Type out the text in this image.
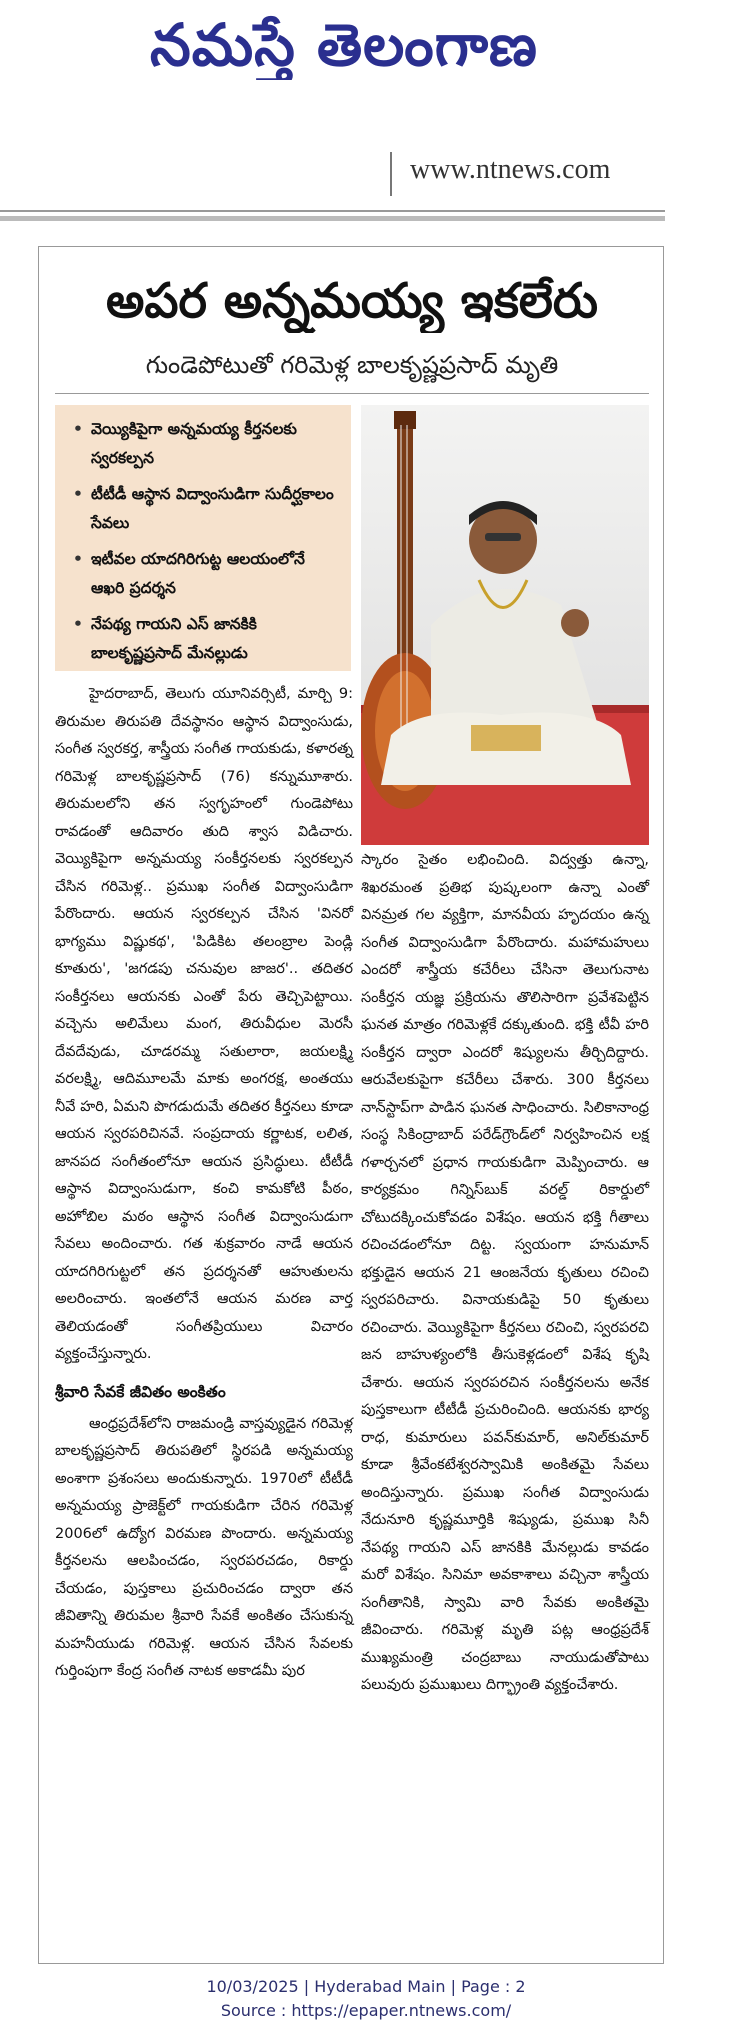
నమస్తే తెలంగాణ
www.ntnews.com
అపర అన్నమయ్య ఇకలేరు
గుండెపోటుతో గరిమెళ్ల బాలకృష్ణప్రసాద్ మృతి
• వెయ్యికిపైగా అన్నమయ్య కీర్తనలకు స్వరకల్పన
• టీటీడీ ఆస్థాన విద్వాంసుడిగా సుదీర్ఘకాలం సేవలు
• ఇటీవల యాదగిరిగుట్ట ఆలయంలోనే ఆఖరి ప్రదర్శన
• నేపథ్య గాయని ఎస్ జానకికి బాలకృష్ణప్రసాద్ మేనల్లుడు

హైదరాబాద్, తెలుగు యూనివర్సిటీ, మార్చి 9: తిరుమల తిరుపతి దేవస్థానం ఆస్థాన విద్వాంసుడు, సంగీత స్వరకర్త, శాస్త్రీయ సంగీత గాయకుడు, కళారత్న గరిమెళ్ల బాలకృష్ణప్రసాద్ (76) కన్నుమూశారు. తిరుమలలోని తన స్వగృహంలో గుండెపోటు రావడంతో ఆదివారం తుది శ్వాస విడిచారు. వెయ్యికిపైగా అన్నమయ్య సంకీర్తనలకు స్వరకల్పన చేసిన గరిమెళ్ల.. ప్రముఖ సంగీత విద్వాంసుడిగా పేరొందారు. ఆయన స్వరకల్పన చేసిన 'వినరో భాగ్యము విష్ణుకథ', 'పిడికిట తలంబ్రాల పెండ్లి కూతురు', 'జగడపు చనువుల జాజర'.. తదితర సంకీర్తనలు ఆయనకు ఎంతో పేరు తెచ్చిపెట్టాయి. వచ్చెను అలిమేలు మంగ, తిరువీధుల మెరసీ దేవదేవుడు, చూడరమ్మ సతులారా, జయలక్ష్మి వరలక్ష్మి, ఆదిమూలమే మాకు అంగరక్ష, అంతయు నీవే హరి, ఏమని పొగడుదుమే తదితర కీర్తనలు కూడా ఆయన స్వరపరిచినవే. సంప్రదాయ కర్ణాటక, లలిత, జానపద సంగీతంలోనూ ఆయన ప్రసిద్ధులు. టీటీడీ ఆస్థాన విద్వాంసుడుగా, కంచి కామకోటి పీఠం, అహోబిల మఠం ఆస్థాన సంగీత విద్వాంసుడుగా సేవలు అందించారు. గత శుక్రవారం నాడే ఆయన యాదగిరిగుట్టలో తన ప్రదర్శనతో ఆహుతులను అలరించారు. ఇంతలోనే ఆయన మరణ వార్త తెలియడంతో సంగీతప్రియులు విచారం వ్యక్తంచేస్తున్నారు.

శ్రీవారి సేవకే జీవితం అంకితం

ఆంధ్రప్రదేశ్‌లోని రాజమండ్రి వాస్తవ్యుడైన గరిమెళ్ల బాలకృష్ణప్రసాద్ తిరుపతిలో స్థిరపడి అన్నమయ్య అంశాగా ప్రశంసలు అందుకున్నారు. 1970లో టీటీడీ అన్నమయ్య ప్రాజెక్ట్‌లో గాయకుడిగా చేరిన గరిమెళ్ల 2006లో ఉద్యోగ విరమణ పొందారు. అన్నమయ్య కీర్తనలను ఆలపించడం, స్వరపరచడం, రికార్డు చేయడం, పుస్తకాలు ప్రచురించడం ద్వారా తన జీవితాన్ని తిరుమల శ్రీవారి సేవకే అంకితం చేసుకున్న మహనీయుడు గరిమెళ్ల. ఆయన చేసిన సేవలకు గుర్తింపుగా కేంద్ర సంగీత నాటక అకాడమీ పుర

స్కారం సైతం లభించింది. విద్వత్తు ఉన్నా, శిఖరమంత ప్రతిభ పుష్కలంగా ఉన్నా ఎంతో వినమ్రత గల వ్యక్తిగా, మానవీయ హృదయం ఉన్న సంగీత విద్వాంసుడిగా పేరొందారు. మహామహులు ఎందరో శాస్త్రీయ కచేరీలు చేసినా తెలుగునాట సంకీర్తన యజ్ఞ ప్రక్రియను తొలిసారిగా ప్రవేశపెట్టిన ఘనత మాత్రం గరిమెళ్లకే దక్కుతుంది. భక్తి టీవీ హరి సంకీర్తన ద్వారా ఎందరో శిష్యులను తీర్చిదిద్దారు. ఆరువేలకుపైగా కచేరీలు చేశారు. 300 కీర్తనలు నాన్‌స్టాప్‌గా పాడిన ఘనత సాధించారు. సిలికానాంధ్ర సంస్థ సికింద్రాబాద్ పరేడ్‌గ్రౌండ్‌లో నిర్వహించిన లక్ష గళార్చనలో ప్రధాన గాయకుడిగా మెప్పించారు. ఆ కార్యక్రమం గిన్నిస్‌బుక్ వరల్డ్‌ రికార్డులో చోటుదక్కించుకోవడం విశేషం. ఆయన భక్తి గీతాలు రచించడంలోనూ దిట్ట. స్వయంగా హనుమాన్ భక్తుడైన ఆయన 21 ఆంజనేయ కృతులు రచించి స్వరపరిచారు. వినాయకుడిపై 50 కృతులు రచించారు. వెయ్యికిపైగా కీర్తనలు రచించి, స్వరపరచి జన బాహుళ్యంలోకి తీసుకెళ్లడంలో విశేష కృషి చేశారు. ఆయన స్వరపరచిన సంకీర్తనలను అనేక పుస్తకాలుగా టీటీడీ ప్రచురించింది. ఆయనకు భార్య రాధ, కుమారులు పవన్‌కుమార్, అనిల్‌కుమార్ కూడా శ్రీవేంకటేశ్వరస్వామికి అంకితమై సేవలు అందిస్తున్నారు. ప్రముఖ సంగీత విద్వాంసుడు నేదునూరి కృష్ణమూర్తికి శిష్యుడు, ప్రముఖ సినీ నేపథ్య గాయని ఎస్ జానకికి మేనల్లుడు కావడం మరో విశేషం. సినిమా అవకాశాలు వచ్చినా శాస్త్రీయ సంగీతానికి, స్వామి వారి సేవకు అంకితమై జీవించారు. గరిమెళ్ల మృతి పట్ల ఆంధ్రప్రదేశ్ ముఖ్యమంత్రి చంద్రబాబు నాయుడుతోపాటు పలువురు ప్రముఖులు దిగ్భ్రాంతి వ్యక్తంచేశారు.

10/03/2025 | Hyderabad Main | Page : 2
Source : https://epaper.ntnews.com/
